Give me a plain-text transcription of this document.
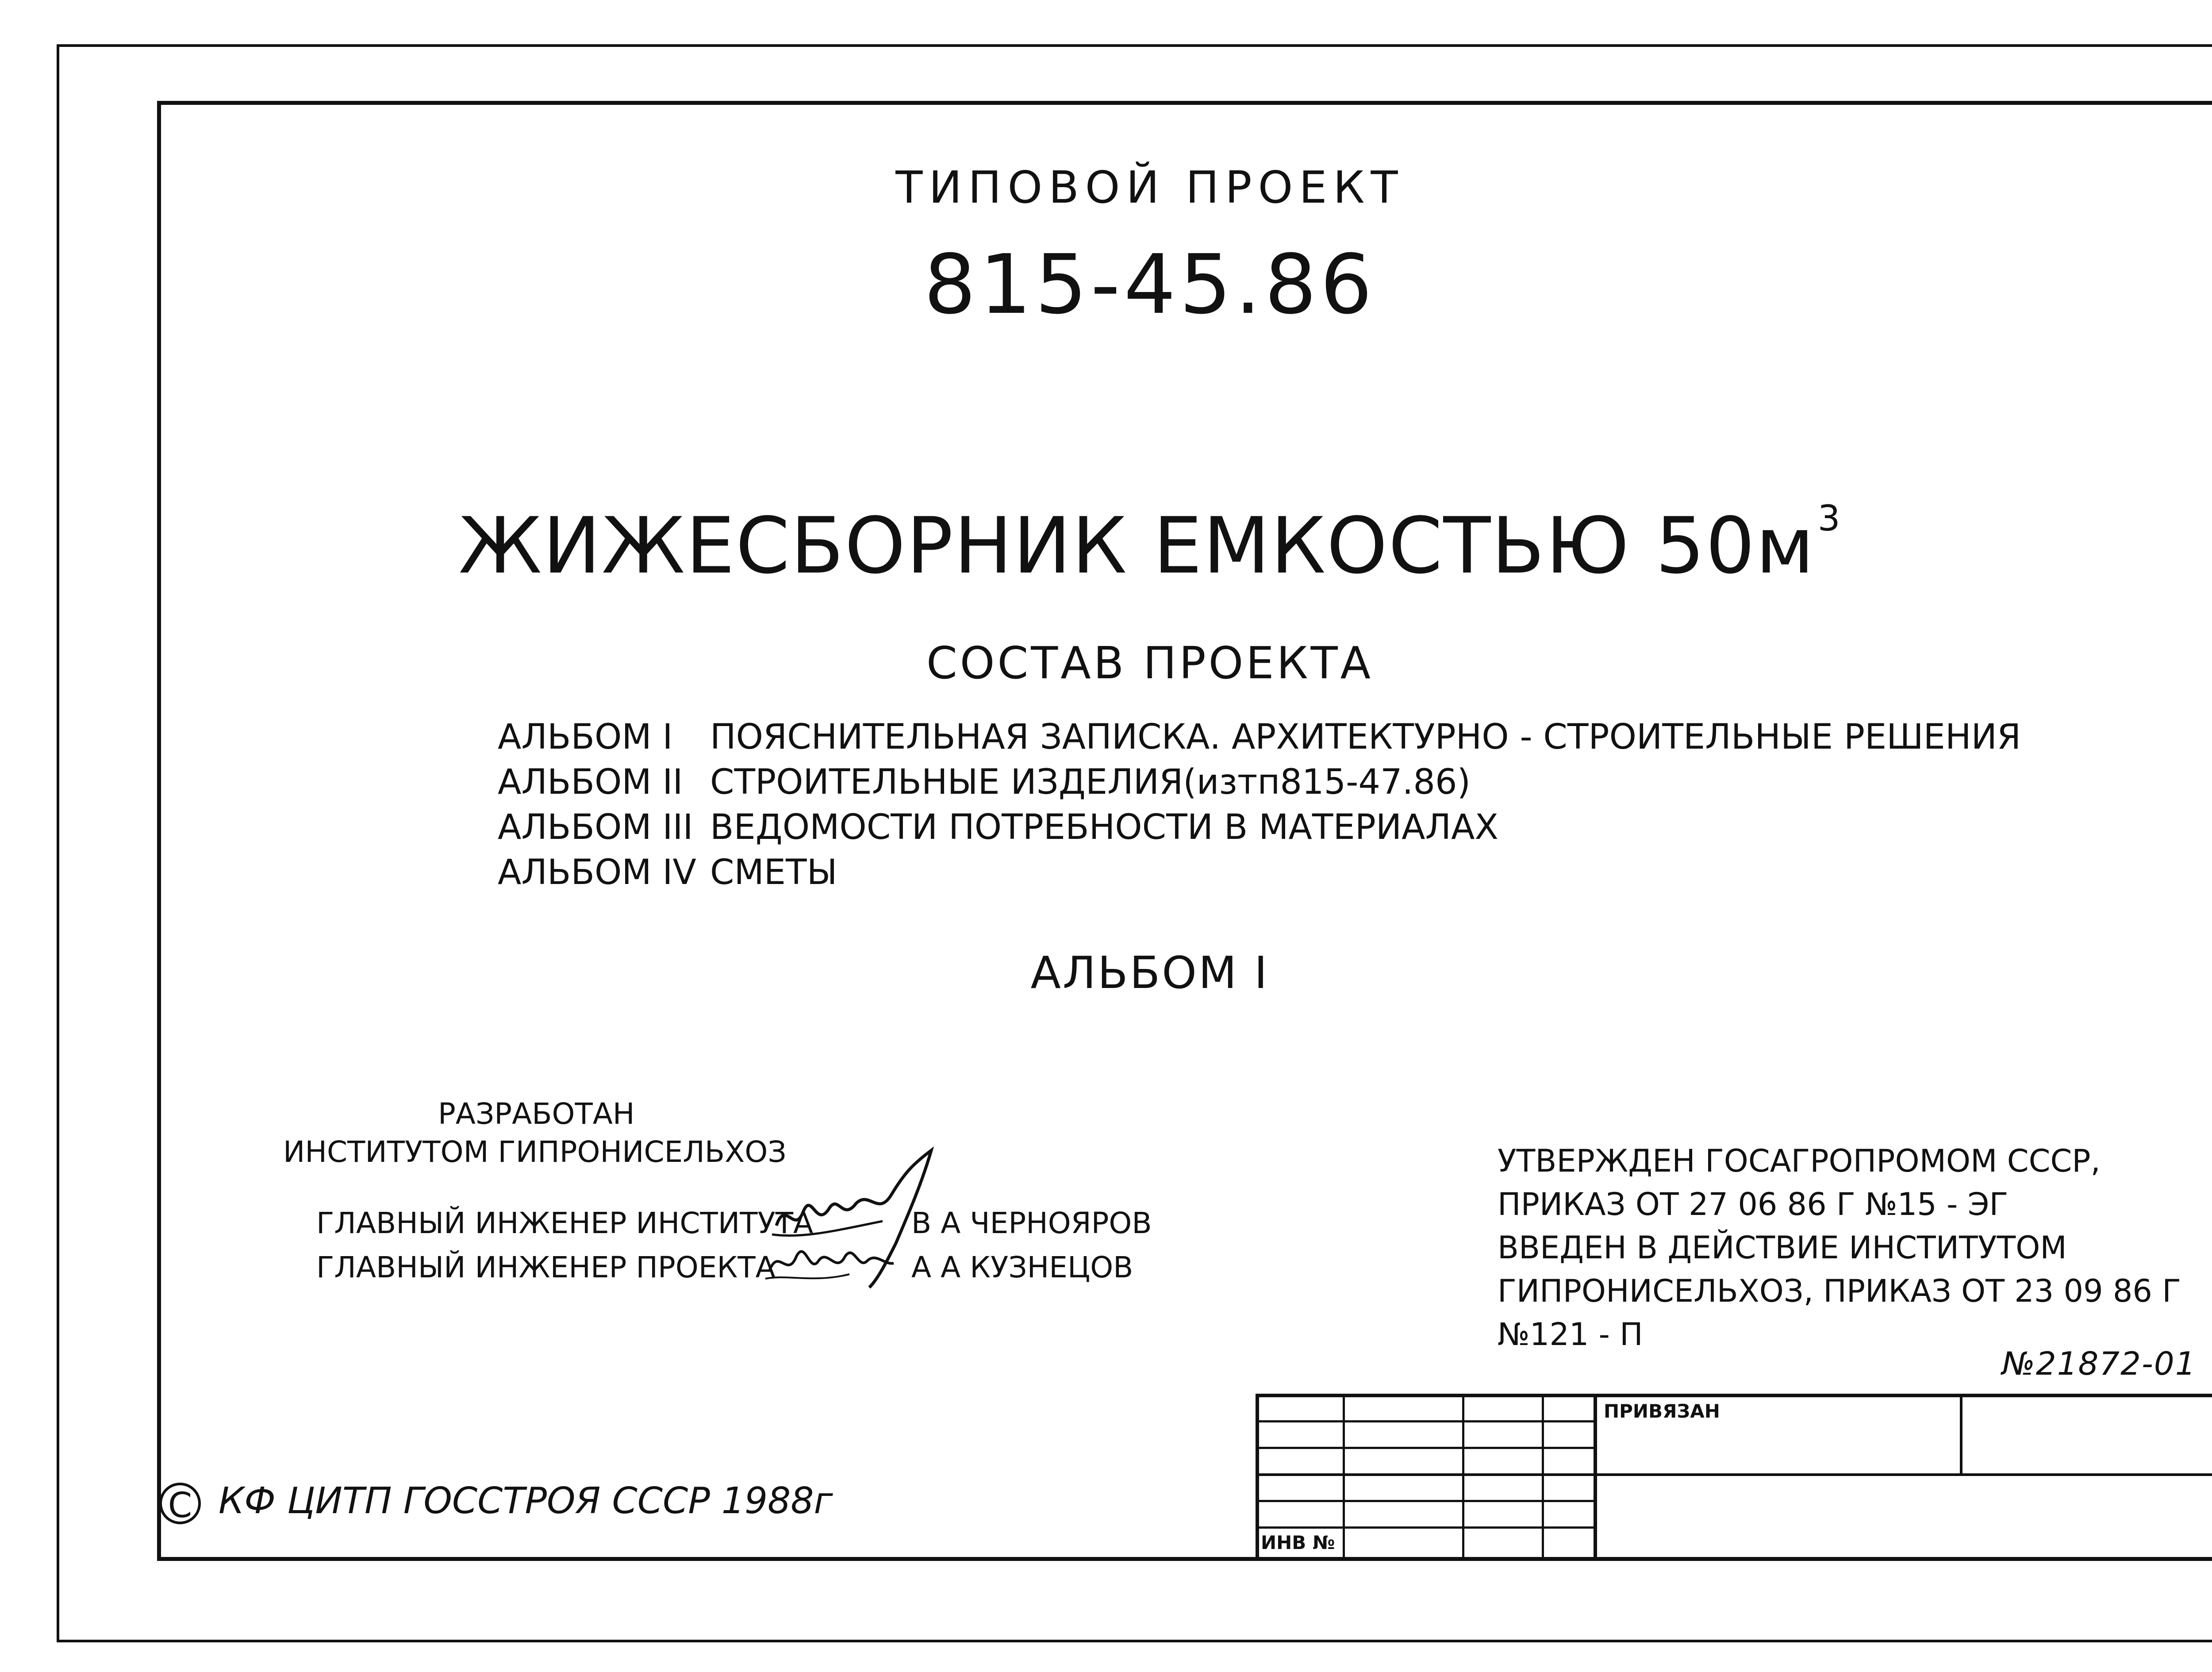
ТИПОВОЙ ПРОЕКТ
815-45.86
ЖИЖЕСБОРНИК ЕМКОСТЬЮ $50м^3$
СОСТАВ ПРОЕКТА
АЛЬБОМ I ПОЯСНИТЕЛЬНАЯ ЗАПИСКА. АРХИТЕКТУРНО - СТРОИТЕЛЬНЫЕ РЕШЕНИЯ
АЛЬБОМ II СТРОИТЕЛЬНЫЕ ИЗДЕЛИЯ(изтп815-47.86)
АЛЬБОМ III ВЕДОМОСТИ ПОТРЕБНОСТИ В МАТЕРИАЛАХ
АЛЬБОМ IV СМЕТЫ
АЛЬБОМ I
РАЗРАБОТАН
ИНСТИТУТОМ ГИПРОНИСЕЛЬХОЗ
ГЛАВНЫЙ ИНЖЕНЕР ИНСТИТУТА	В А ЧЕРНОЯРОВ
ГЛАВНЫЙ ИНЖЕНЕР ПРОЕКТА	А А КУЗНЕЦОВ
УТВЕРЖДЕН ГОСАГРОПРОМОМ СССР,
ПРИКАЗ ОТ 27 06 86 Г №15 - ЭГ
ВВЕДЕН В ДЕЙСТВИЕ ИНСТИТУТОМ
ГИПРОНИСЕЛЬХОЗ, ПРИКАЗ ОТ 23 09 86 Г
№121 - П
№21872-01
ПРИВЯЗАН
ИНВ №
С КФ ЦИТП ГОССТРОЯ СССР 1988г
